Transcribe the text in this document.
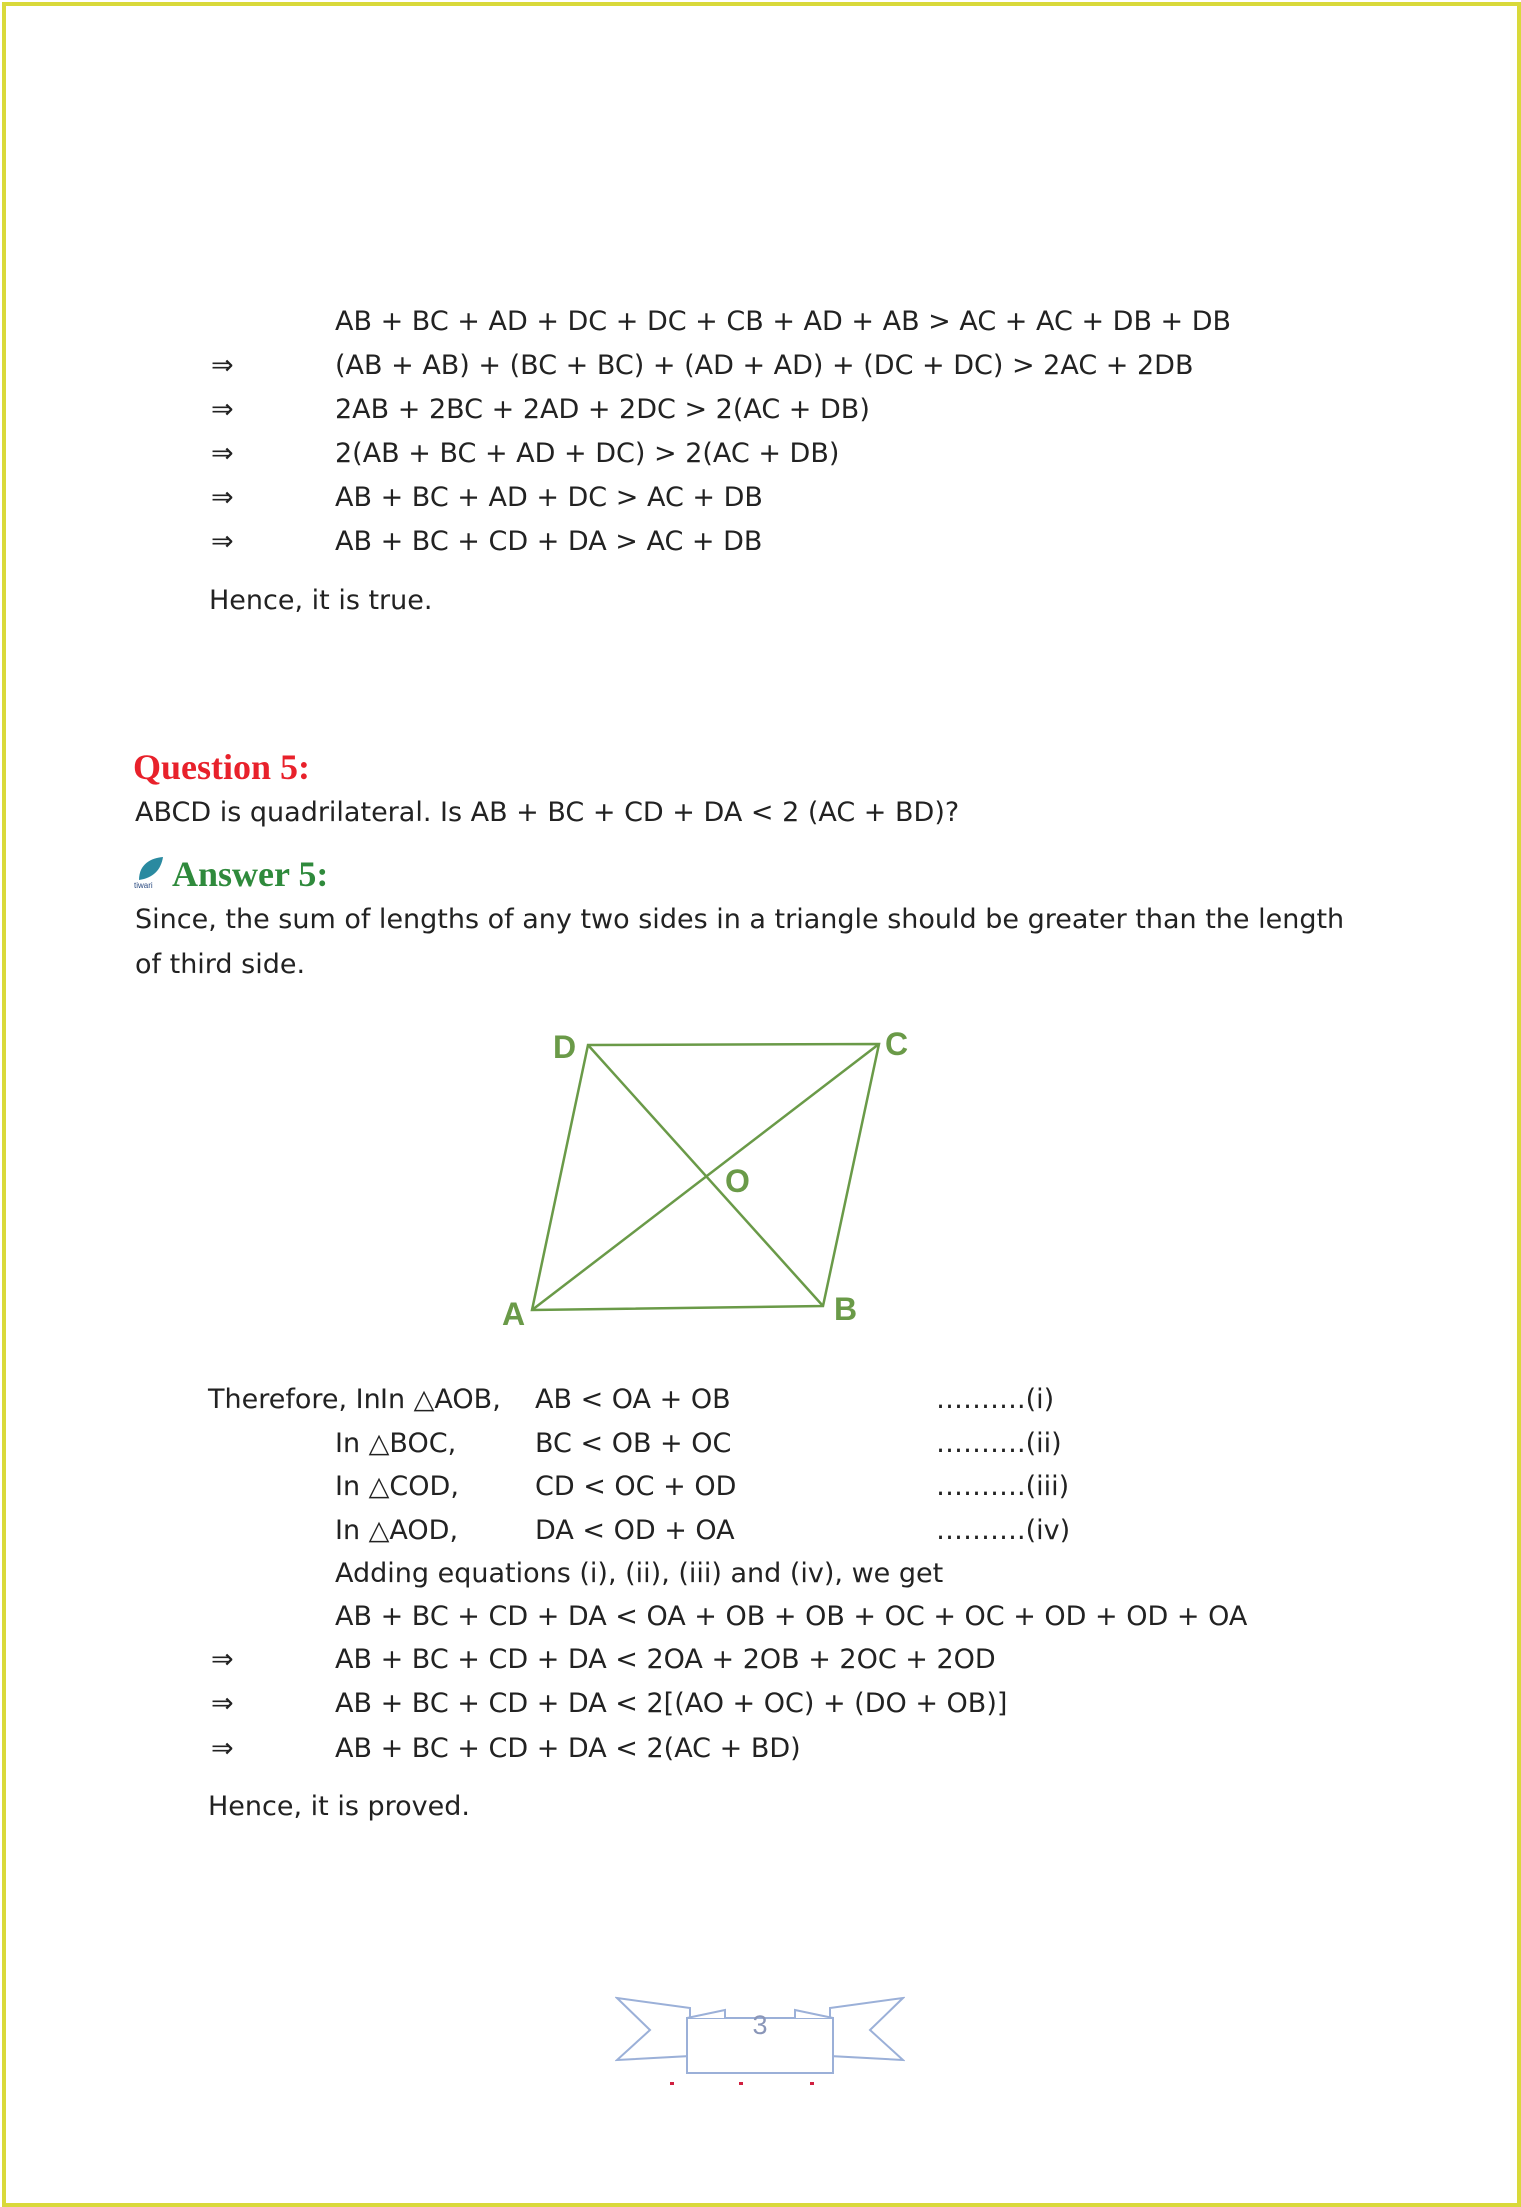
AB + BC + AD + DC + DC + CB + AD + AB > AC + AC + DB + DB
⇒	(AB + AB) + (BC + BC) + (AD + AD) + (DC + DC) > 2AC + 2DB
⇒	2AB + 2BC + 2AD + 2DC > 2(AC + DB)
⇒	2(AB + BC + AD + DC) > 2(AC + DB)
⇒	AB + BC + AD + DC > AC + DB
⇒	AB + BC + CD + DA > AC + DB
Hence, it is true.
Question 5:
ABCD is quadrilateral. Is AB + BC + CD + DA < 2 (AC + BD)?
tiwari Answer 5:
Since, the sum of lengths of any two sides in a triangle should be greater than the length
of third side.
D	C
A	B
O
Therefore, In In △AOB, AB < OA + OB	……….(i)
In △BOC,	BC < OB + OC	……….(ii)
In △COD,	CD < OC + OD	……….(iii)
In △AOD,	DA < OD + OA	……….(iv)
Adding equations (i), (ii), (iii) and (iv), we get
AB + BC + CD + DA < OA + OB + OB + OC + OC + OD + OD + OA
⇒	AB + BC + CD + DA < 2OA + 2OB + 2OC + 2OD
⇒	AB + BC + CD + DA < 2[(AO + OC) + (DO + OB)]
⇒	AB + BC + CD + DA < 2(AC + BD)
Hence, it is proved.
3
